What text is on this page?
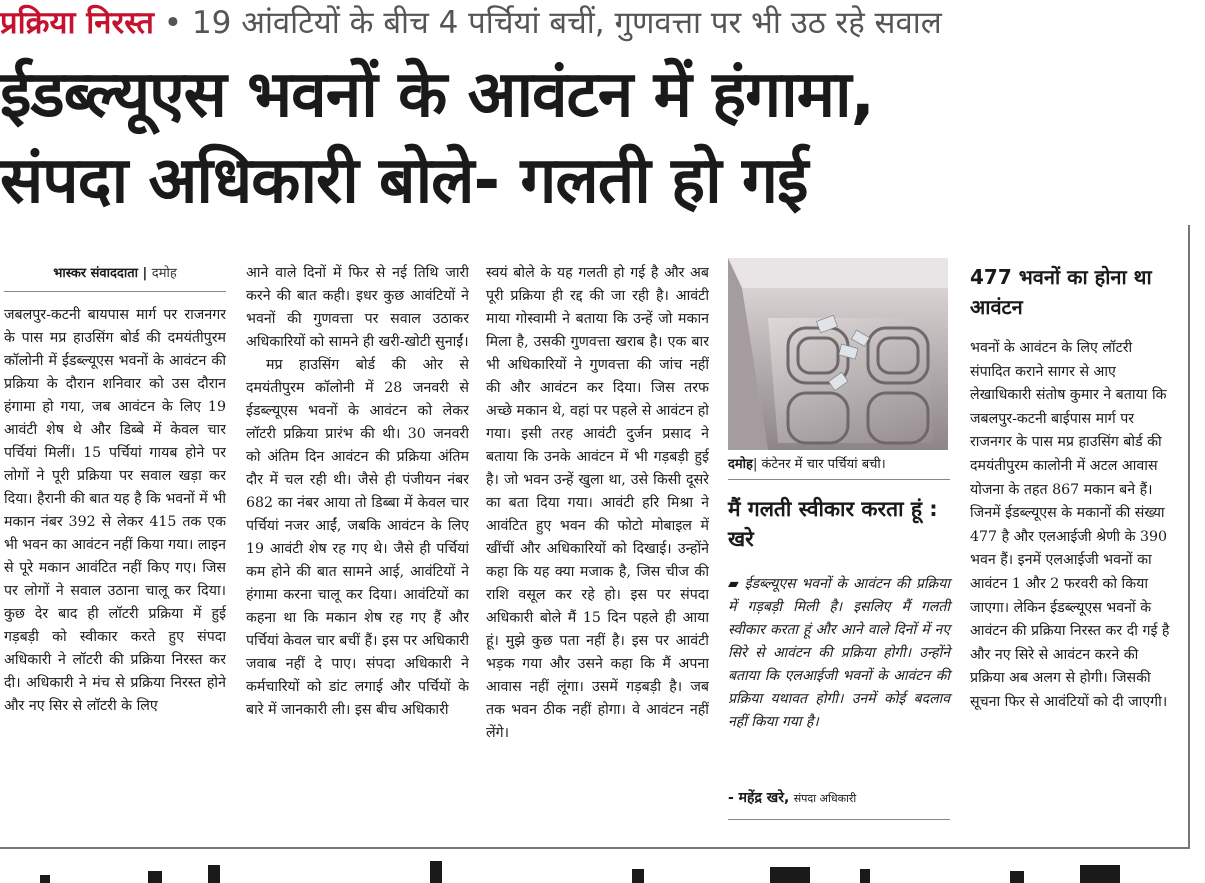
प्रक्रिया निरस्त • 19 आंवटियों के बीच 4 पर्चियां बचीं, गुणवत्ता पर भी उठ रहे सवाल
ईडब्ल्यूएस भवनों के आवंटन में हंगामा,
संपदा अधिकारी बोले- गलती हो गई
भास्कर संवाददाता | दमोह

जबलपुर-कटनी बायपास मार्ग पर राजनगर के पास मप्र हाउसिंग बोर्ड की दमयंतीपुरम कॉलोनी में ईडब्ल्यूएस भवनों के आवंटन की प्रक्रिया के दौरान शनिवार को उस दौरान हंगामा हो गया, जब आवंटन के लिए 19 आवंटी शेष थे और डिब्बे में केवल चार पर्चियां मिलीं। 15 पर्चियां गायब होने पर लोगों ने पूरी प्रक्रिया पर सवाल खड़ा कर दिया। हैरानी की बात यह है कि भवनों में भी मकान नंबर 392 से लेकर 415 तक एक भी भवन का आवंटन नहीं किया गया। लाइन से पूरे मकान आवंटित नहीं किए गए। जिस पर लोगों ने सवाल उठाना चालू कर दिया। कुछ देर बाद ही लॉटरी प्रक्रिया में हुई गड़बड़ी को स्वीकार करते हुए संपदा अधिकारी ने लॉटरी की प्रक्रिया निरस्त कर दी। अधिकारी ने मंच से प्रक्रिया निरस्त होने और नए सिर से लॉटरी के लिए

आने वाले दिनों में फिर से नई तिथि जारी करने की बात कही। इधर कुछ आवंटियों ने भवनों की गुणवत्ता पर सवाल उठाकर अधिकारियों को सामने ही खरी-खोटी सुनाईं।

मप्र हाउसिंग बोर्ड की ओर से दमयंतीपुरम कॉलोनी में 28 जनवरी से ईडब्ल्यूएस भवनों के आवंटन को लेकर लॉटरी प्रक्रिया प्रारंभ की थी। 30 जनवरी को अंतिम दिन आवंटन की प्रक्रिया अंतिम दौर में चल रही थी। जैसे ही पंजीयन नंबर 682 का नंबर आया तो डिब्बा में केवल चार पर्चियां नजर आईं, जबकि आवंटन के लिए 19 आवंटी शेष रह गए थे। जैसे ही पर्चियां कम होने की बात सामने आई, आवंटियों ने हंगामा करना चालू कर दिया। आवंटियों का कहना था कि मकान शेष रह गए हैं और पर्चियां केवल चार बचीं हैं। इस पर अधिकारी जवाब नहीं दे पाए। संपदा अधिकारी ने कर्मचारियों को डांट लगाई और पर्चियों के बारे में जानकारी ली। इस बीच अधिकारी

स्वयं बोले के यह गलती हो गई है और अब पूरी प्रक्रिया ही रद्द की जा रही है। आवंटी माया गोस्वामी ने बताया कि उन्हें जो मकान मिला है, उसकी गुणवत्ता खराब है। एक बार भी अधिकारियों ने गुणवत्ता की जांच नहीं की और आवंटन कर दिया। जिस तरफ अच्छे मकान थे, वहां पर पहले से आवंटन हो गया। इसी तरह आवंटी दुर्जन प्रसाद ने बताया कि उनके आवंटन में भी गड़बड़ी हुई है। जो भवन उन्हें खुला था, उसे किसी दूसरे का बता दिया गया। आवंटी हरि मिश्रा ने आवंटित हुए भवन की फोटो मोबाइल में खींचीं और अधिकारियों को दिखाई। उन्होंने कहा कि यह क्या मजाक है, जिस चीज की राशि वसूल कर रहे हो। इस पर संपदा अधिकारी बोले मैं 15 दिन पहले ही आया हूं। मुझे कुछ पता नहीं है। इस पर आवंटी भड़क गया और उसने कहा कि मैं अपना आवास नहीं लूंगा। उसमें गड़बड़ी है। जब तक भवन ठीक नहीं होगा। वे आवंटन नहीं लेंगे।

दमोह| कंटेनर में चार पर्चियां बची।
मैं गलती स्वीकार करता हूं : खरे
▰ ईडब्ल्यूएस भवनों के आवंटन की प्रक्रिया में गड़बड़ी मिली है। इसलिए मैं गलती स्वीकार करता हूं और आने वाले दिनों में नए सिरे से आवंटन की प्रक्रिया होगी। उन्होंने बताया कि एलआईजी भवनों के आवंटन की प्रक्रिया यथावत होगी। उनमें कोई बदलाव नहीं किया गया है।
- महेंद्र खरे, संपदा अधिकारी
477 भवनों का होना था आवंटन
भवनों के आवंटन के लिए लॉटरी संपादित कराने सागर से आए लेखाधिकारी संतोष कुमार ने बताया कि जबलपुर-कटनी बाईपास मार्ग पर राजनगर के पास मप्र हाउसिंग बोर्ड की दमयंतीपुरम कालोनी में अटल आवास योजना के तहत 867 मकान बने हैं। जिनमें ईडब्ल्यूएस के मकानों की संख्या 477 है और एलआईजी श्रेणी के 390 भवन हैं। इनमें एलआईजी भवनों का आवंटन 1 और 2 फरवरी को किया जाएगा। लेकिन ईडब्ल्यूएस भवनों के आवंटन की प्रक्रिया निरस्त कर दी गई है और नए सिरे से आवंटन करने की प्रक्रिया अब अलग से होगी। जिसकी सूचना फिर से आवंटियों को दी जाएगी।
